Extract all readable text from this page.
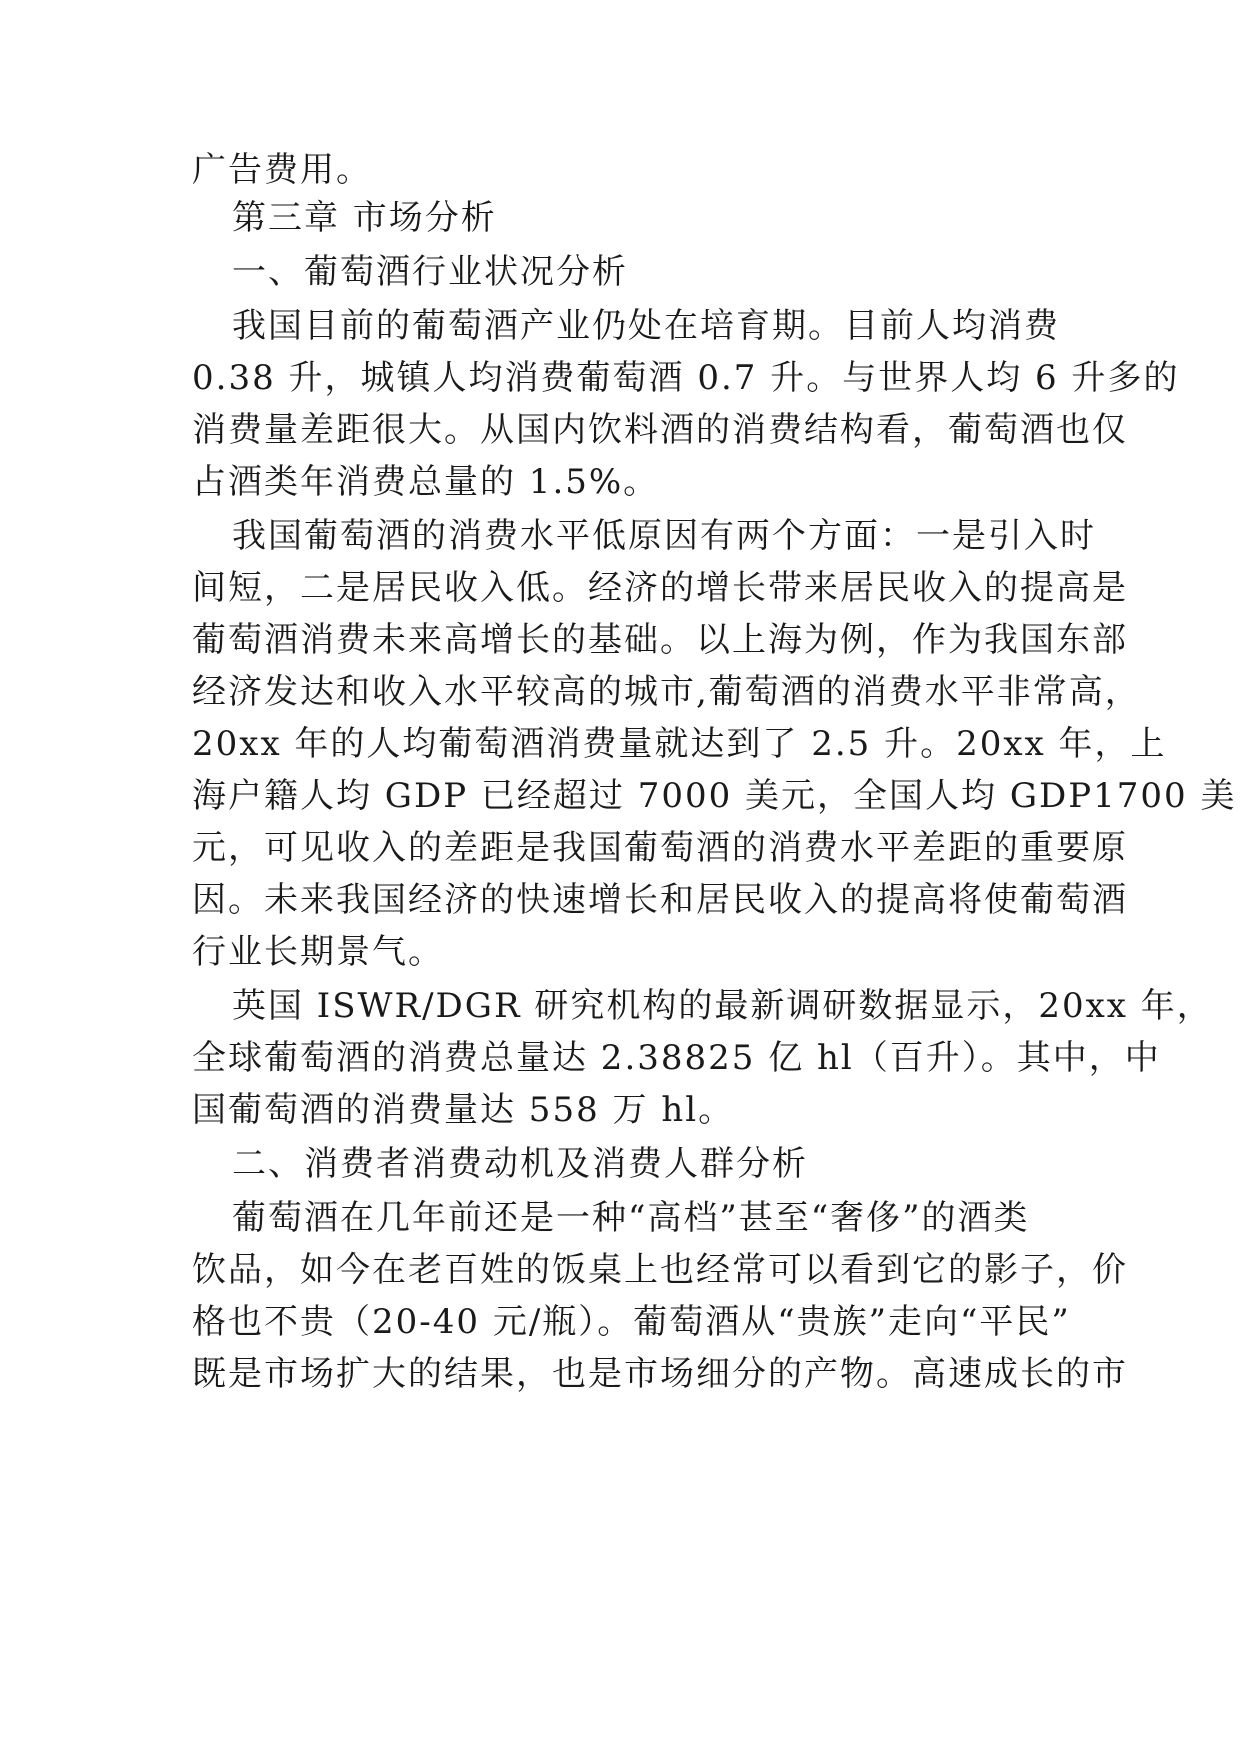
广告费用。
第三章 市场分析
一、葡萄酒行业状况分析
我国目前的葡萄酒产业仍处在培育期。目前人均消费
0.38 升，城镇人均消费葡萄酒 0.7 升。与世界人均 6 升多的
消费量差距很大。从国内饮料酒的消费结构看，葡萄酒也仅
占酒类年消费总量的 1.5%。
我国葡萄酒的消费水平低原因有两个方面：一是引入时
间短，二是居民收入低。经济的增长带来居民收入的提高是
葡萄酒消费未来高增长的基础。以上海为例，作为我国东部
经济发达和收入水平较高的城市,葡萄酒的消费水平非常高，
20xx 年的人均葡萄酒消费量就达到了 2.5 升。20xx 年，上
海户籍人均 GDP 已经超过 7000 美元，全国人均 GDP1700 美
元，可见收入的差距是我国葡萄酒的消费水平差距的重要原
因。未来我国经济的快速增长和居民收入的提高将使葡萄酒
行业长期景气。
英国 ISWR/DGR 研究机构的最新调研数据显示，20xx 年，
全球葡萄酒的消费总量达 2.38825 亿 hl（百升）。其中，中
国葡萄酒的消费量达 558 万 hl。
二、消费者消费动机及消费人群分析
葡萄酒在几年前还是一种“高档”甚至“奢侈”的酒类
饮品，如今在老百姓的饭桌上也经常可以看到它的影子，价
格也不贵（20-40 元/瓶）。葡萄酒从“贵族”走向“平民”
既是市场扩大的结果，也是市场细分的产物。高速成长的市
